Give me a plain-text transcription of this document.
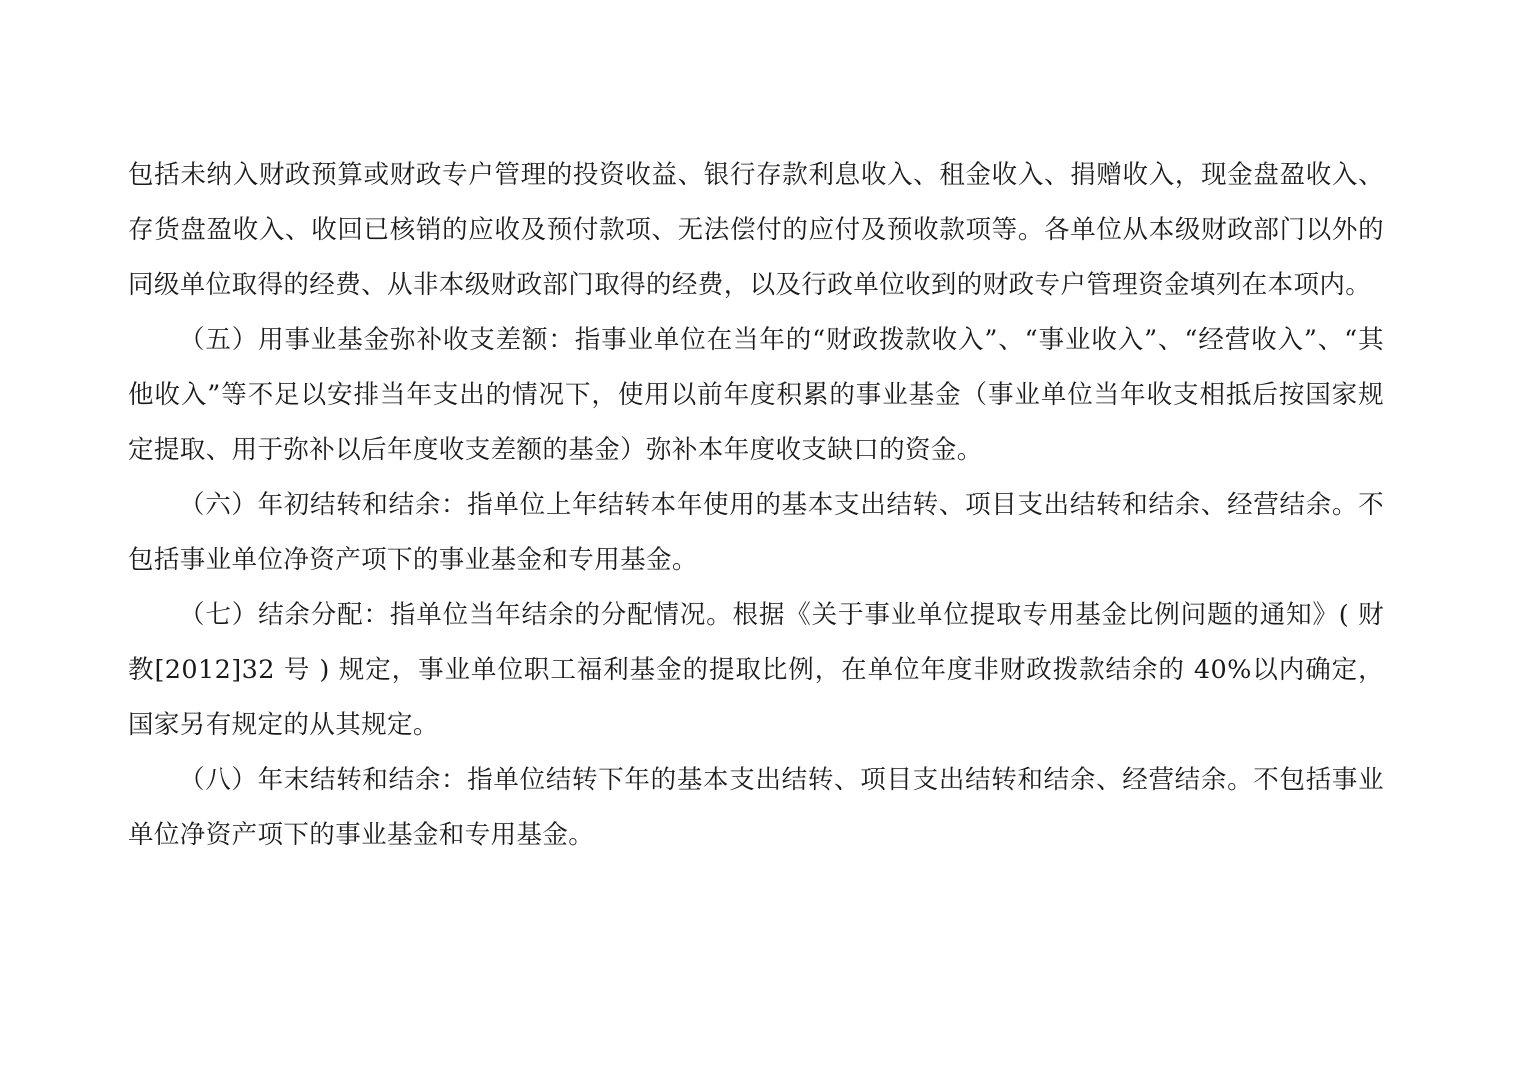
包括未纳入财政预算或财政专户管理的投资收益、银行存款利息收入、租金收入、捐赠收入，现金盘盈收入、存货盘盈收入、收回已核销的应收及预付款项、无法偿付的应付及预收款项等。各单位从本级财政部门以外的同级单位取得的经费、从非本级财政部门取得的经费，以及行政单位收到的财政专户管理资金填列在本项内。

（五）用事业基金弥补收支差额：指事业单位在当年的“财政拨款收入”、“事业收入”、“经营收入”、“其他收入”等不足以安排当年支出的情况下，使用以前年度积累的事业基金（事业单位当年收支相抵后按国家规定提取、用于弥补以后年度收支差额的基金）弥补本年度收支缺口的资金。

（六）年初结转和结余：指单位上年结转本年使用的基本支出结转、项目支出结转和结余、经营结余。不包括事业单位净资产项下的事业基金和专用基金。

（七）结余分配：指单位当年结余的分配情况。根据《关于事业单位提取专用基金比例问题的通知》( 财教[2012]32 号 ) 规定，事业单位职工福利基金的提取比例，在单位年度非财政拨款结余的 40%以内确定，国家另有规定的从其规定。

（八）年末结转和结余：指单位结转下年的基本支出结转、项目支出结转和结余、经营结余。不包括事业单位净资产项下的事业基金和专用基金。
